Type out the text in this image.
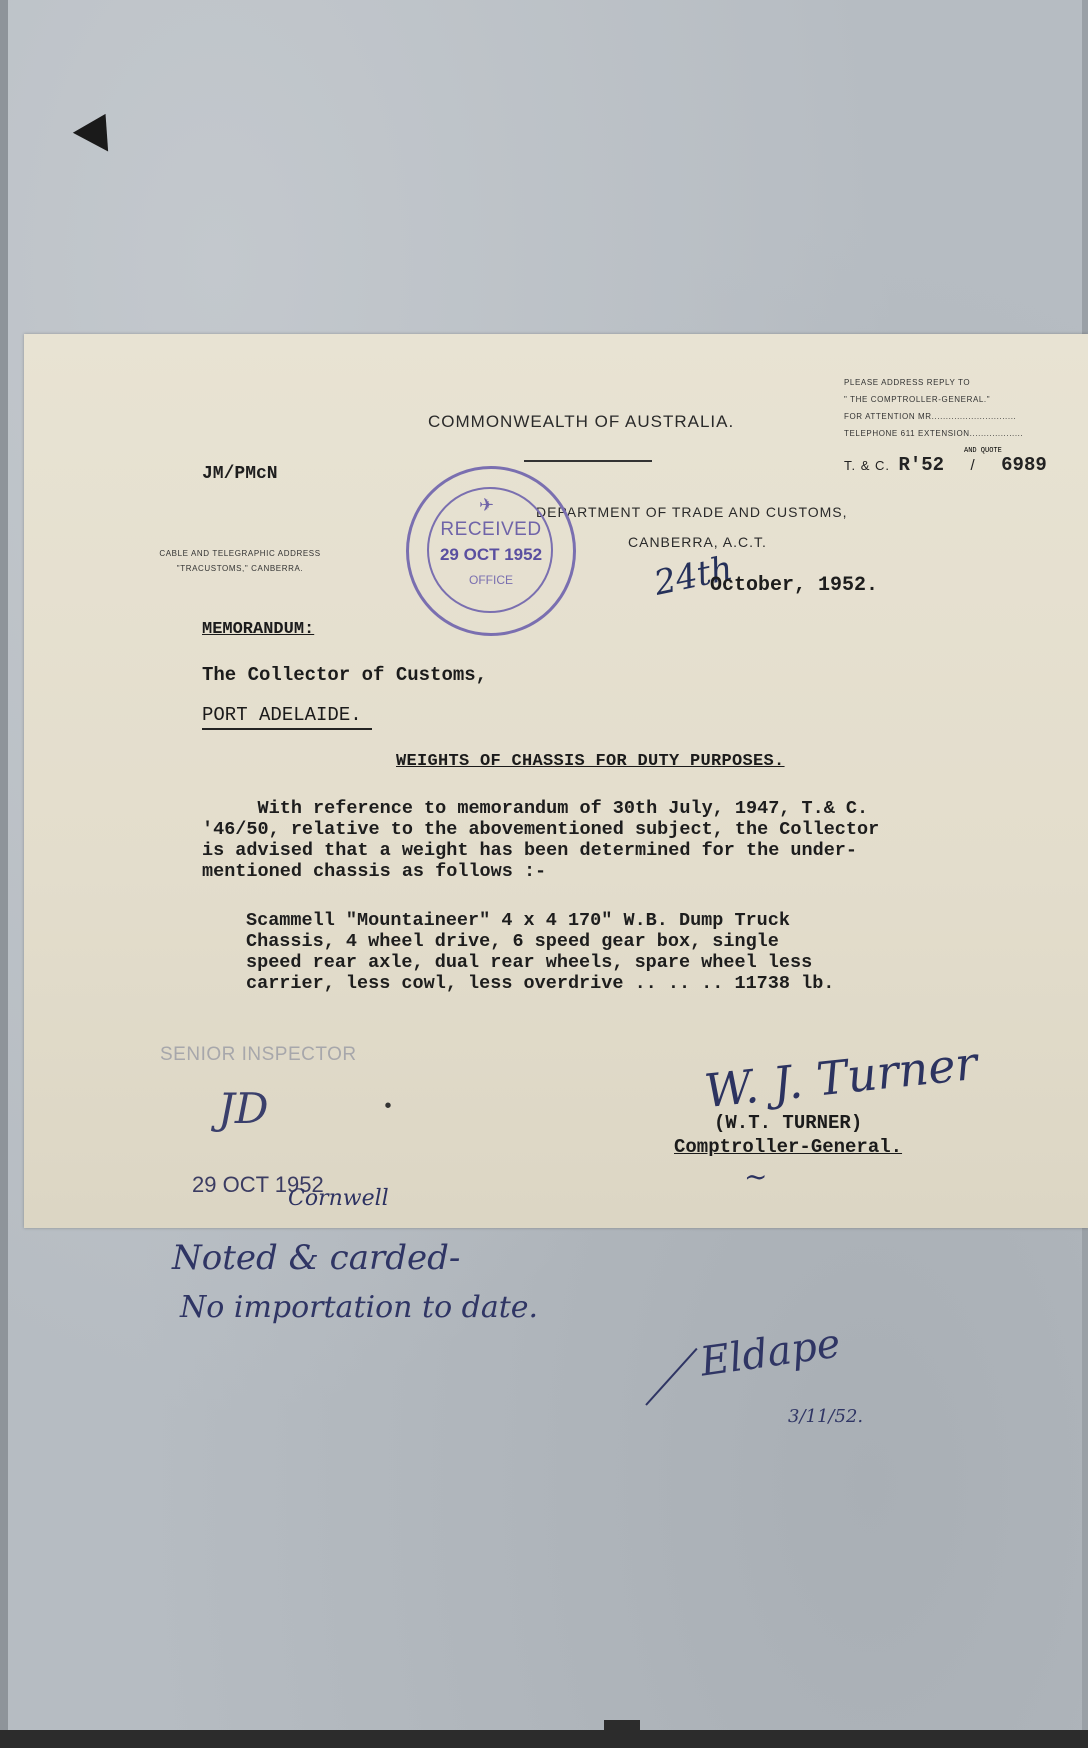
PLEASE ADDRESS REPLY TO
" THE COMPTROLLER-GENERAL."
FOR ATTENTION MR..............................
TELEPHONE 611 EXTENSION...................
AND QUOTE
T. & C. R'52 / 6989
COMMONWEALTH OF AUSTRALIA.
JM/PMcN
DEPARTMENT OF TRADE AND CUSTOMS,
CANBERRA, A.C.T.
CABLE AND TELEGRAPHIC ADDRESS
"TRACUSTOMS," CANBERRA.
✈
RECEIVED
29 OCT 1952
OFFICE	24th
October, 1952.
MEMORANDUM:
The Collector of Customs,
PORT ADELAIDE.
WEIGHTS OF CHASSIS FOR DUTY PURPOSES.
With reference to memorandum of 30th July, 1947, T.& C.
'46/50, relative to the abovementioned subject, the Collector
is advised that a weight has been determined for the under-
mentioned chassis as follows :-
Scammell "Mountaineer" 4 x 4 170" W.B. Dump Truck
Chassis, 4 wheel drive, 6 speed gear box, single
speed rear axle, dual rear wheels, spare wheel less
carrier, less cowl, less overdrive .. .. .. 11738 lb.
SENIOR INSPECTOR
JD	•
29 OCT 1952
Cornwell
W. J. Turner
(W.T. TURNER)
Comptroller-General.
~
Noted & carded-
No importation to date.
Eldape
3/11/52.
